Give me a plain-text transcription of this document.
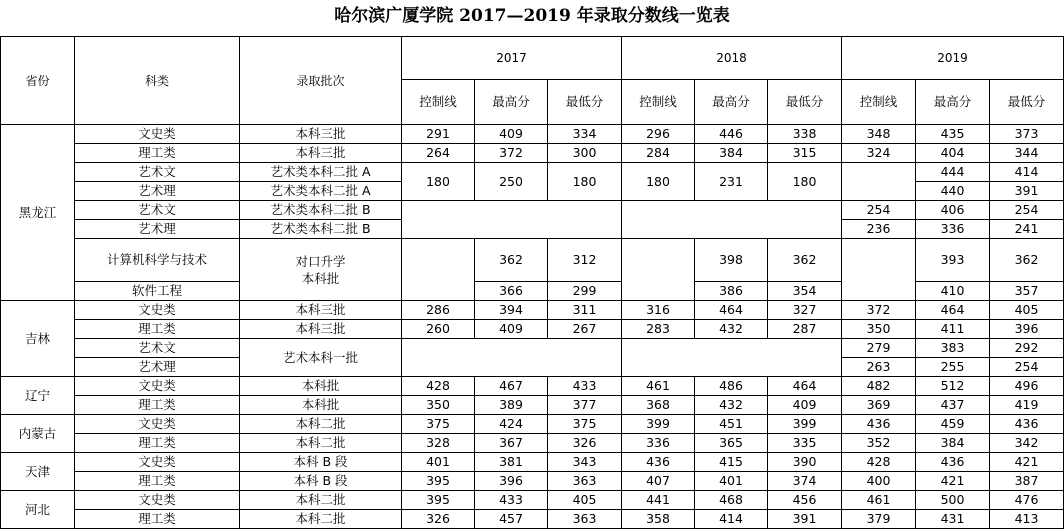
哈尔滨广厦学院 2017—2019 年录取分数线一览表
省份	科类	录取批次	2017			2018			2019		
			控制线	最高分	最低分	控制线	最高分	最低分	控制线	最高分	最低分
黑龙江	文史类	本科三批	291	409	334	296	446	338	348	435	373
	理工类	本科三批	264	372	300	284	384	315	324	404	344
	艺术文	艺术类本科二批 A	180	250	180	180	231	180		444	414
	艺术理	艺术类本科二批 A								440	391
	艺术文	艺术类本科二批 B							254	406	254
	艺术理	艺术类本科二批 B							236	336	241
	计算机科学与技术	对口升学 本科批		362	312		398	362		393	362
	软件工程			366	299		386	354		410	357
吉林	文史类	本科三批	286	394	311	316	464	327	372	464	405
	理工类	本科三批	260	409	267	283	432	287	350	411	396
	艺术文	艺术本科一批							279	383	292
	艺术理								263	255	254
辽宁	文史类	本科批	428	467	433	461	486	464	482	512	496
	理工类	本科批	350	389	377	368	432	409	369	437	419
内蒙古	文史类	本科二批	375	424	375	399	451	399	436	459	436
	理工类	本科二批	328	367	326	336	365	335	352	384	342
天津	文史类	本科 B 段	401	381	343	436	415	390	428	436	421
	理工类	本科 B 段	395	396	363	407	401	374	400	421	387
河北	文史类	本科二批	395	433	405	441	468	456	461	500	476
	理工类	本科二批	326	457	363	358	414	391	379	431	413
